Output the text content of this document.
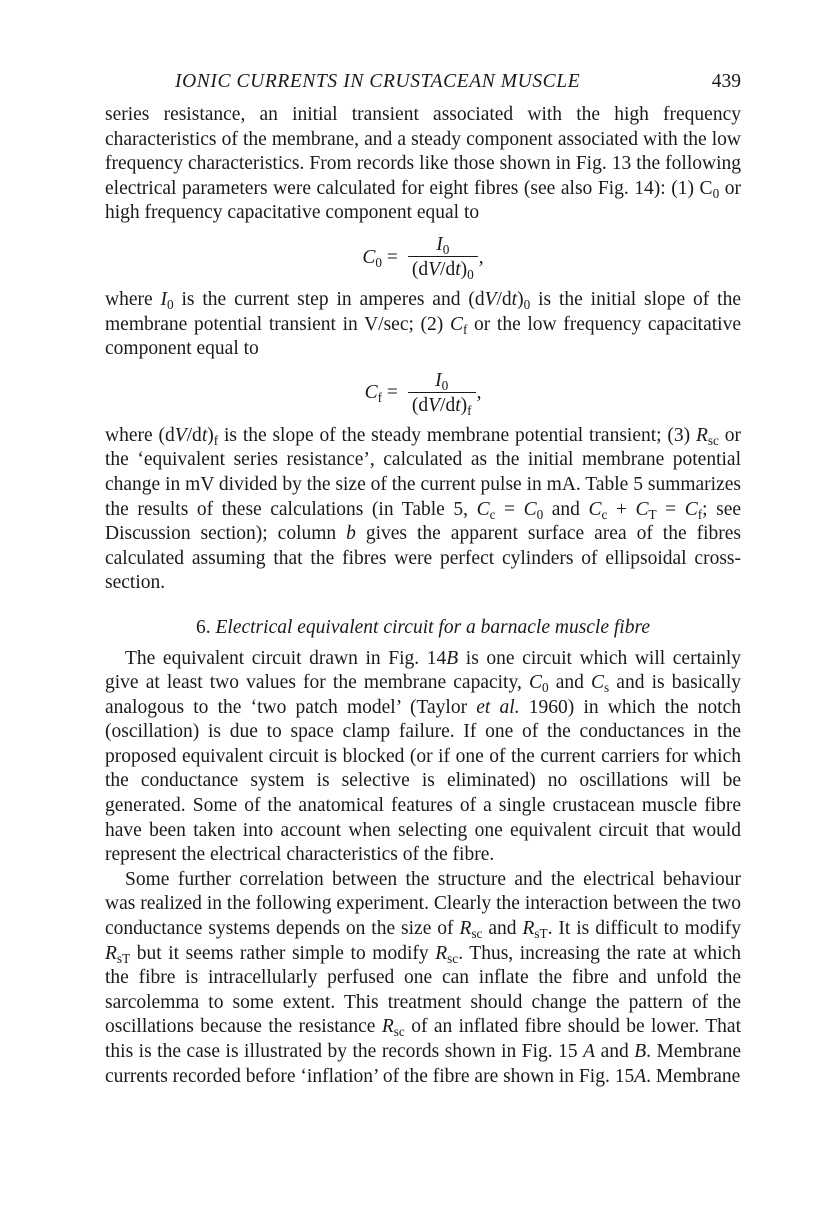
IONIC CURRENTS IN CRUSTACEAN MUSCLE	439

series resistance, an initial transient associated with the high frequency characteristics of the membrane, and a steady component associated with the low frequency characteristics. From records like those shown in Fig. 13 the following electrical parameters were calculated for eight fibres (see also Fig. 14): (1) $C_0$ or high frequency capacitative component equal to

$C_0 = \frac{I_0}{(dV/dt)_0}$ ,

where $I_0$ is the current step in amperes and $(dV/dt)_0$ is the initial slope of the membrane potential transient in V/sec; (2) $C_f$ or the low frequency capacitative component equal to

$C_f = \frac{I_0}{(dV/dt)_f}$ ,

where $(dV/dt)_f$ is the slope of the steady membrane potential transient; (3) $R_{sc}$ or the ‘equivalent series resistance’, calculated as the initial membrane potential change in mV divided by the size of the current pulse in mA. Table 5 summarizes the results of these calculations (in Table 5, $C_c = C_0$ and $C_c + C_T = C_f$; see Discussion section); column b gives the apparent surface area of the fibres calculated assuming that the fibres were perfect cylinders of ellipsoidal cross-section.

6. Electrical equivalent circuit for a barnacle muscle fibre

The equivalent circuit drawn in Fig. 14B is one circuit which will certainly give at least two values for the membrane capacity, $C_0$ and $C_s$ and is basically analogous to the ‘two patch model’ (Taylor et al. 1960) in which the notch (oscillation) is due to space clamp failure. If one of the conductances in the proposed equivalent circuit is blocked (or if one of the current carriers for which the conductance system is selective is eliminated) no oscillations will be generated. Some of the anatomical features of a single crustacean muscle fibre have been taken into account when selecting one equivalent circuit that would represent the electrical characteristics of the fibre.

Some further correlation between the structure and the electrical behaviour was realized in the following experiment. Clearly the interaction between the two conductance systems depends on the size of $R_{sc}$ and $R_{sT}$. It is difficult to modify $R_{sT}$ but it seems rather simple to modify $R_{sc}$. Thus, increasing the rate at which the fibre is intracellularly perfused one can inflate the fibre and unfold the sarcolemma to some extent. This treatment should change the pattern of the oscillations because the resistance $R_{sc}$ of an inflated fibre should be lower. That this is the case is illustrated by the records shown in Fig. 15 A and B. Membrane currents recorded before ‘inflation’ of the fibre are shown in Fig. 15A. Membrane
